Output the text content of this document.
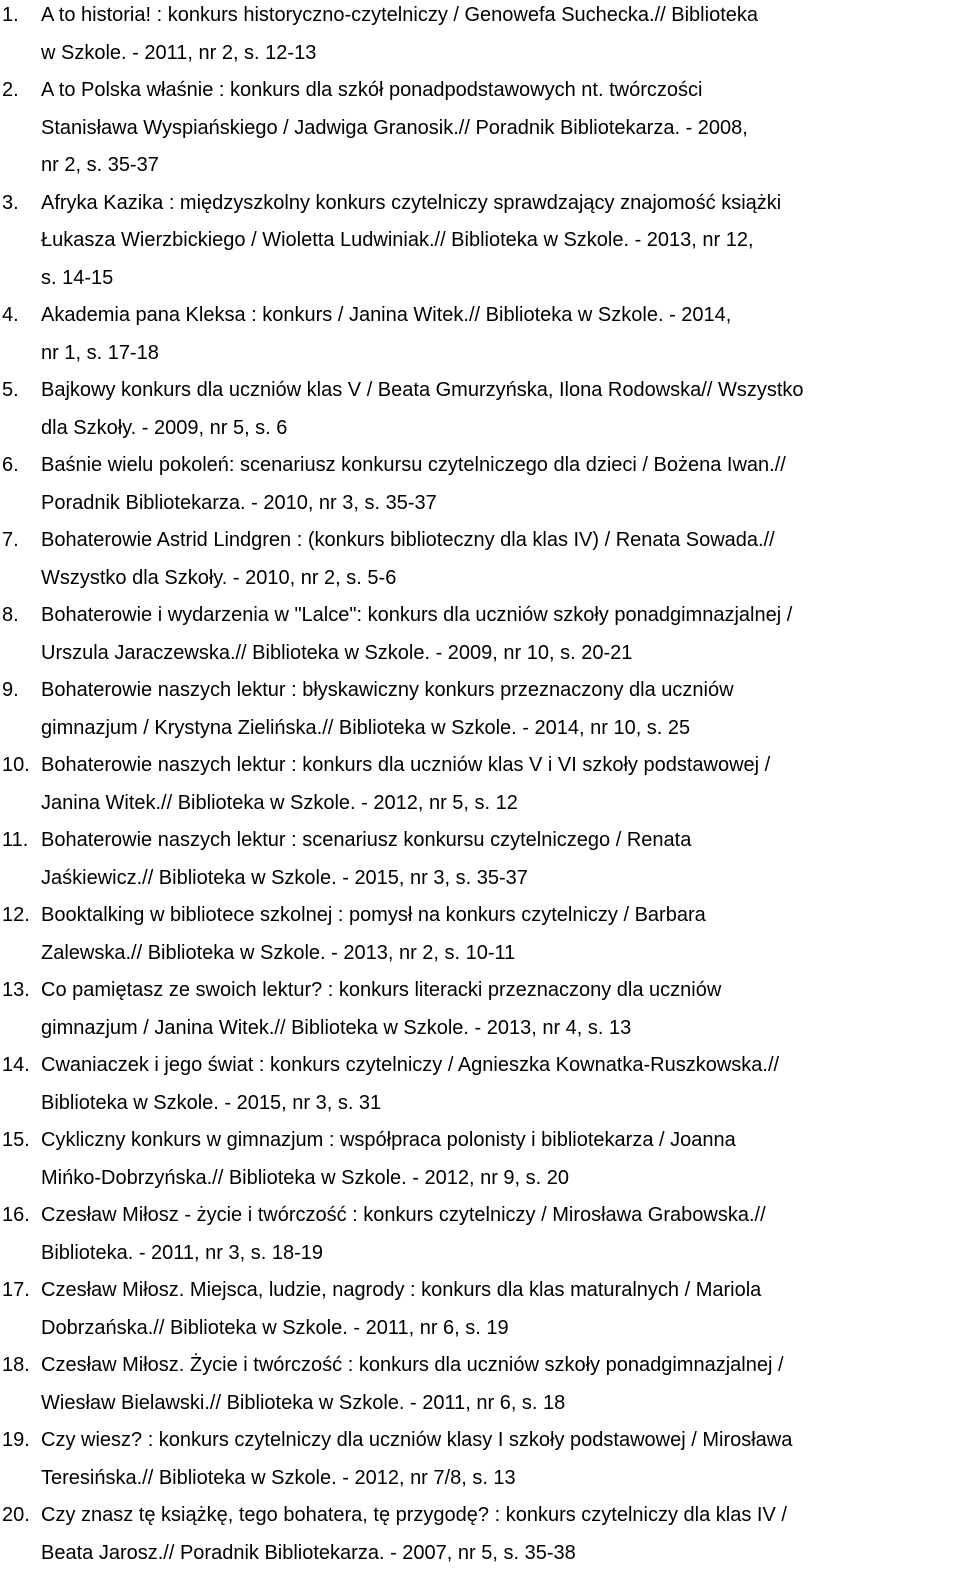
1. A to historia! : konkurs historyczno-czytelniczy / Genowefa Suchecka.// Biblioteka
w Szkole. - 2011, nr 2, s. 12-13
2. A to Polska właśnie : konkurs dla szkół ponadpodstawowych nt. twórczości
Stanisława Wyspiańskiego / Jadwiga Granosik.// Poradnik Bibliotekarza. - 2008,
nr 2, s. 35-37
3. Afryka Kazika : międzyszkolny konkurs czytelniczy sprawdzający znajomość książki
Łukasza Wierzbickiego / Wioletta Ludwiniak.// Biblioteka w Szkole. - 2013, nr 12,
s. 14-15
4. Akademia pana Kleksa : konkurs / Janina Witek.// Biblioteka w Szkole. - 2014,
nr 1, s. 17-18
5. Bajkowy konkurs dla uczniów klas V / Beata Gmurzyńska, Ilona Rodowska// Wszystko
dla Szkoły. - 2009, nr 5, s. 6
6. Baśnie wielu pokoleń: scenariusz konkursu czytelniczego dla dzieci / Bożena Iwan.//
Poradnik Bibliotekarza. - 2010, nr 3, s. 35-37
7. Bohaterowie Astrid Lindgren : (konkurs biblioteczny dla klas IV) / Renata Sowada.//
Wszystko dla Szkoły. - 2010, nr 2, s. 5-6
8. Bohaterowie i wydarzenia w "Lalce": konkurs dla uczniów szkoły ponadgimnazjalnej /
Urszula Jaraczewska.// Biblioteka w Szkole. - 2009, nr 10, s. 20-21
9. Bohaterowie naszych lektur : błyskawiczny konkurs przeznaczony dla uczniów
gimnazjum / Krystyna Zielińska.// Biblioteka w Szkole. - 2014, nr 10, s. 25
10. Bohaterowie naszych lektur : konkurs dla uczniów klas V i VI szkoły podstawowej /
Janina Witek.// Biblioteka w Szkole. - 2012, nr 5, s. 12
11. Bohaterowie naszych lektur : scenariusz konkursu czytelniczego / Renata
Jaśkiewicz.// Biblioteka w Szkole. - 2015, nr 3, s. 35-37
12. Booktalking w bibliotece szkolnej : pomysł na konkurs czytelniczy / Barbara
Zalewska.// Biblioteka w Szkole. - 2013, nr 2, s. 10-11
13. Co pamiętasz ze swoich lektur? : konkurs literacki przeznaczony dla uczniów
gimnazjum / Janina Witek.// Biblioteka w Szkole. - 2013, nr 4, s. 13
14. Cwaniaczek i jego świat : konkurs czytelniczy / Agnieszka Kownatka-Ruszkowska.//
Biblioteka w Szkole. - 2015, nr 3, s. 31
15. Cykliczny konkurs w gimnazjum : współpraca polonisty i bibliotekarza / Joanna
Mińko-Dobrzyńska.// Biblioteka w Szkole. - 2012, nr 9, s. 20
16. Czesław Miłosz - życie i twórczość : konkurs czytelniczy / Mirosława Grabowska.//
Biblioteka. - 2011, nr 3, s. 18-19
17. Czesław Miłosz. Miejsca, ludzie, nagrody : konkurs dla klas maturalnych / Mariola
Dobrzańska.// Biblioteka w Szkole. - 2011, nr 6, s. 19
18. Czesław Miłosz. Życie i twórczość : konkurs dla uczniów szkoły ponadgimnazjalnej /
Wiesław Bielawski.// Biblioteka w Szkole. - 2011, nr 6, s. 18
19. Czy wiesz? : konkurs czytelniczy dla uczniów klasy I szkoły podstawowej / Mirosława
Teresińska.// Biblioteka w Szkole. - 2012, nr 7/8, s. 13
20. Czy znasz tę książkę, tego bohatera, tę przygodę? : konkurs czytelniczy dla klas IV /
Beata Jarosz.// Poradnik Bibliotekarza. - 2007, nr 5, s. 35-38
